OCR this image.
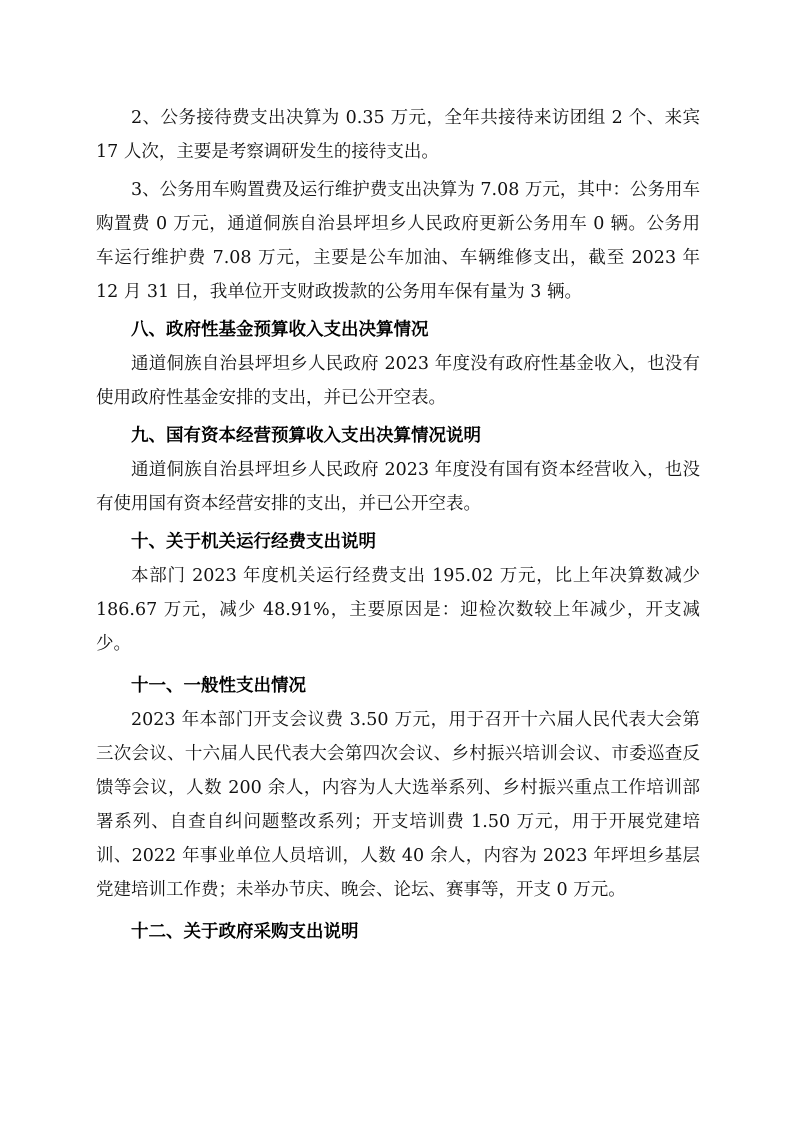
2、公务接待费支出决算为 0.35 万元，全年共接待来访团组 2 个、来宾 17 人次，主要是考察调研发生的接待支出。

3、公务用车购置费及运行维护费支出决算为 7.08 万元，其中：公务用车购置费 0 万元，通道侗族自治县坪坦乡人民政府更新公务用车 0 辆。公务用车运行维护费 7.08 万元，主要是公车加油、车辆维修支出，截至 2023 年 12 月 31 日，我单位开支财政拨款的公务用车保有量为 3 辆。

八、政府性基金预算收入支出决算情况

通道侗族自治县坪坦乡人民政府 2023 年度没有政府性基金收入，也没有使用政府性基金安排的支出，并已公开空表。

九、国有资本经营预算收入支出决算情况说明

通道侗族自治县坪坦乡人民政府 2023 年度没有国有资本经营收入，也没有使用国有资本经营安排的支出，并已公开空表。

十、关于机关运行经费支出说明

本部门 2023 年度机关运行经费支出 195.02 万元，比上年决算数减少 186.67 万元，减少 48.91%，主要原因是：迎检次数较上年减少，开支减少。

十一、一般性支出情况

2023 年本部门开支会议费 3.50 万元，用于召开十六届人民代表大会第三次会议、十六届人民代表大会第四次会议、乡村振兴培训会议、市委巡查反馈等会议，人数 200 余人，内容为人大选举系列、乡村振兴重点工作培训部署系列、自查自纠问题整改系列；开支培训费 1.50 万元，用于开展党建培训、2022 年事业单位人员培训，人数 40 余人，内容为 2023 年坪坦乡基层党建培训工作费；未举办节庆、晚会、论坛、赛事等，开支 0 万元。

十二、关于政府采购支出说明
